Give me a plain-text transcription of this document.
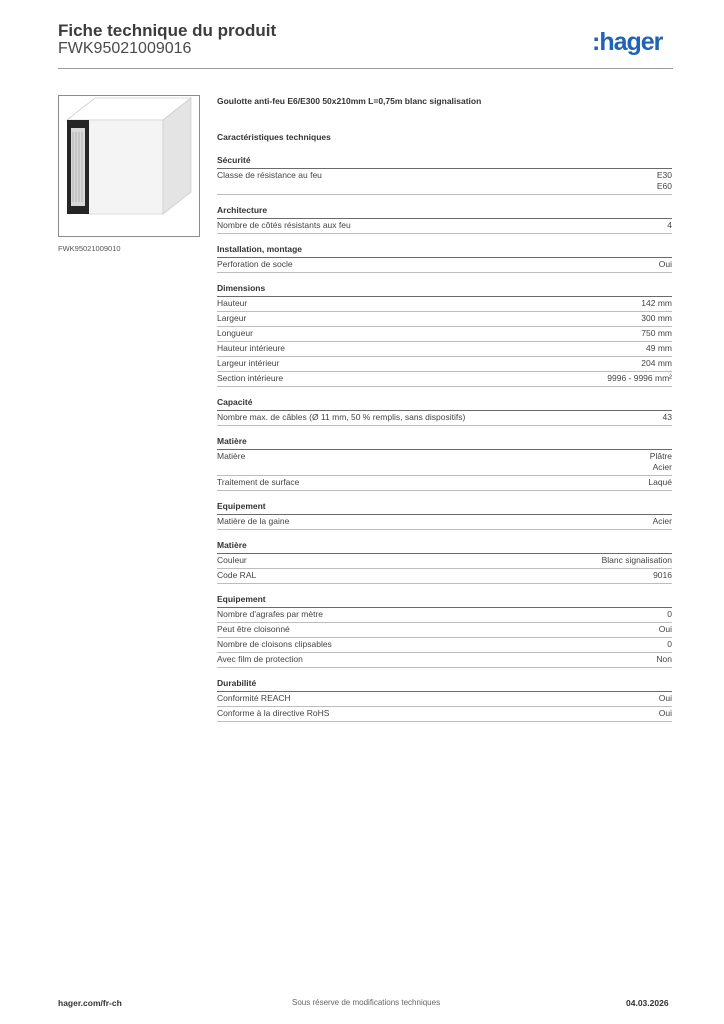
Fiche technique du produit
FWK95021009016	:hager
FWK95021009010
Goulotte anti-feu E6/E300 50x210mm L=0,75m blanc signalisation
Caractéristiques techniques
Sécurité
Classe de résistance au feu	E30
E60
Architecture
Nombre de côtés résistants aux feu	4
Installation, montage
Perforation de socle	Oui
Dimensions
Hauteur	142 mm
Largeur	300 mm
Longueur	750 mm
Hauteur intérieure	49 mm
Largeur intérieur	204 mm
Section intérieure	9996 - 9996 mm²
Capacité
Nombre max. de câbles (Ø 11 mm, 50 % remplis, sans dispositifs)	43
Matière
Matière	Plâtre
Acier
Traitement de surface	Laqué
Equipement
Matière de la gaine	Acier
Matière
Couleur	Blanc signalisation
Code RAL	9016
Equipement
Nombre d'agrafes par mètre	0
Peut être cloisonné	Oui
Nombre de cloisons clipsables	0
Avec film de protection	Non
Durabilité
Conformité REACH	Oui
Conforme à la directive RoHS	Oui
hager.com/fr-ch	Sous réserve de modifications techniques	04.03.2026
